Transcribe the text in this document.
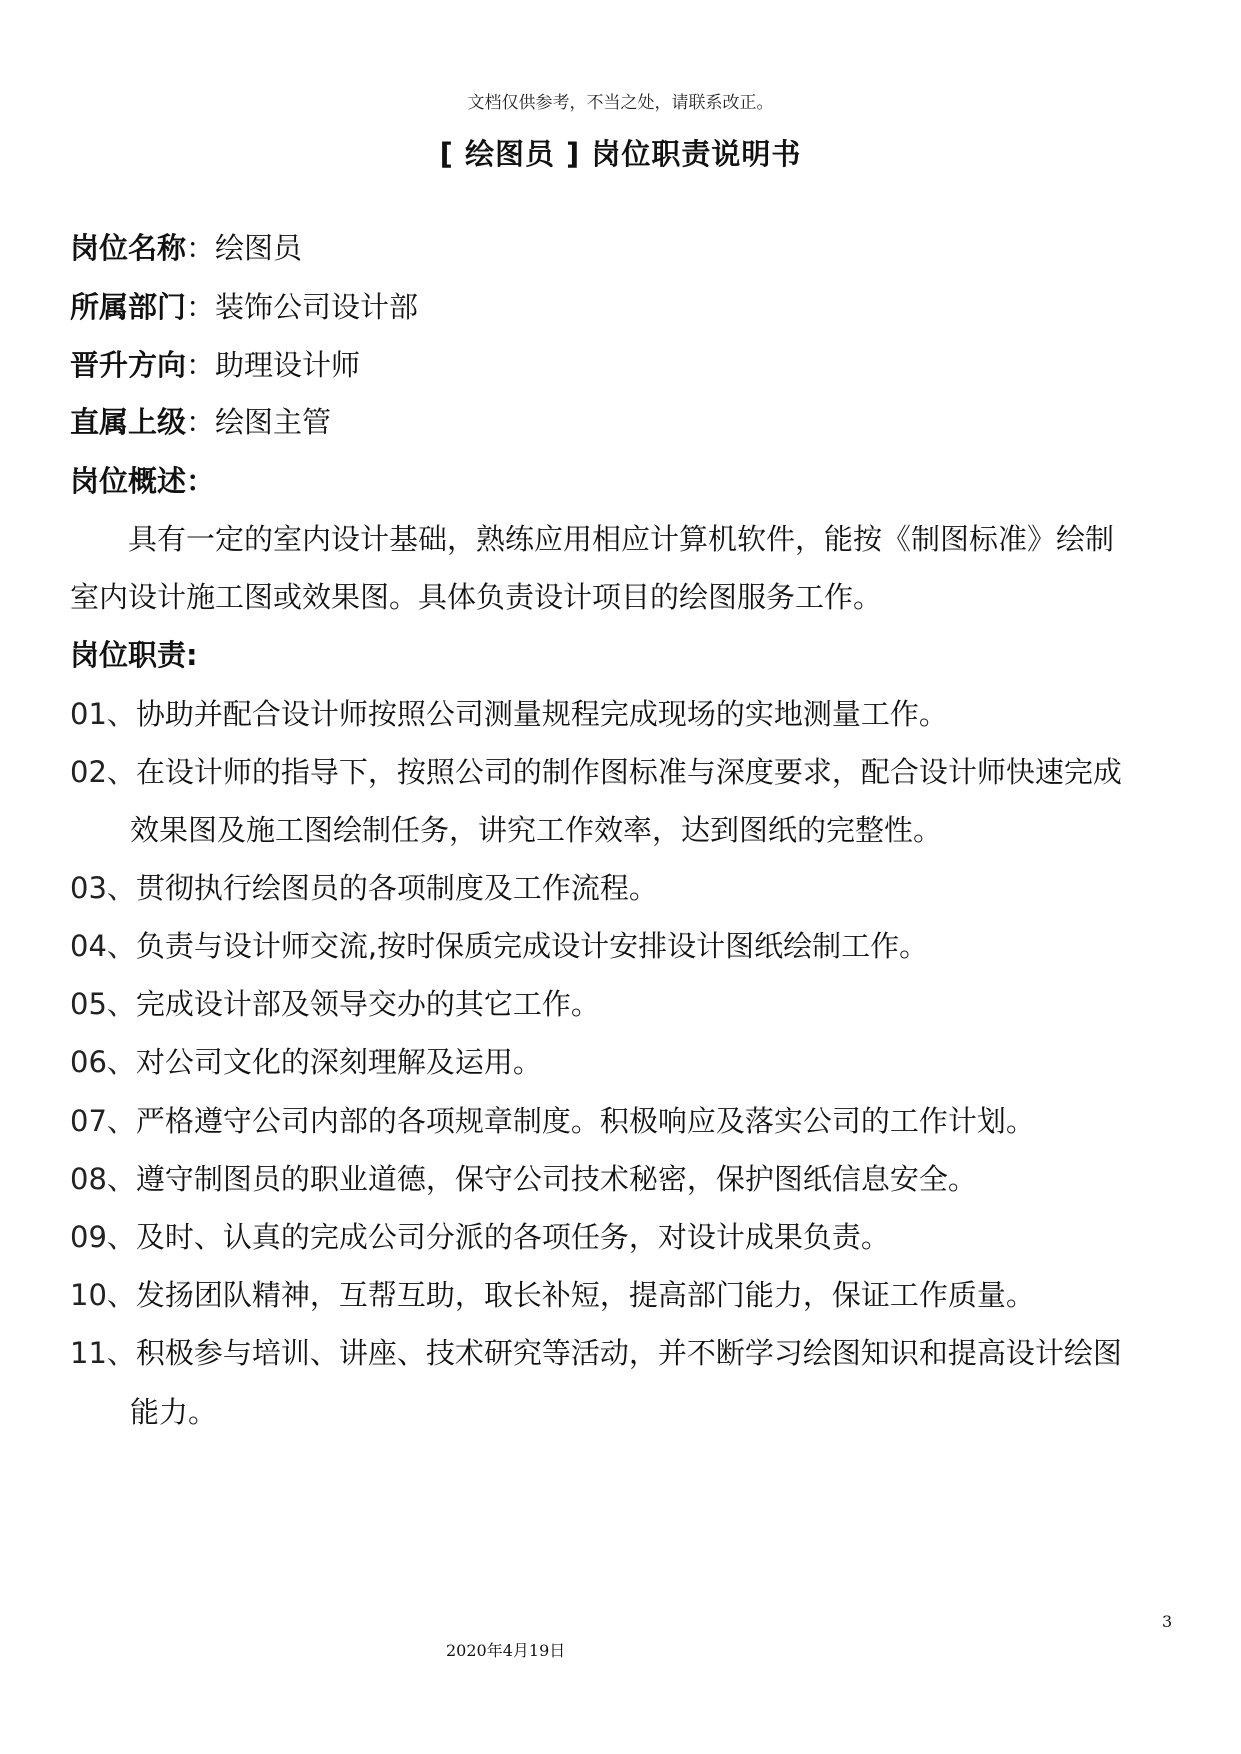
文档仅供参考，不当之处，请联系改正。
[ 绘图员 ] 岗位职责说明书
岗位名称：绘图员
所属部门：装饰公司设计部
晋升方向：助理设计师
直属上级：绘图主管
岗位概述：
具有一定的室内设计基础，熟练应用相应计算机软件，能按《制图标准》绘制
室内设计施工图或效果图。具体负责设计项目的绘图服务工作。
岗位职责:
01、协助并配合设计师按照公司测量规程完成现场的实地测量工作。
02、在设计师的指导下，按照公司的制作图标准与深度要求，配合设计师快速完成
效果图及施工图绘制任务，讲究工作效率，达到图纸的完整性。
03、贯彻执行绘图员的各项制度及工作流程。
04、负责与设计师交流,按时保质完成设计安排设计图纸绘制工作。
05、完成设计部及领导交办的其它工作。
06、对公司文化的深刻理解及运用。
07、严格遵守公司内部的各项规章制度。积极响应及落实公司的工作计划。
08、遵守制图员的职业道德，保守公司技术秘密，保护图纸信息安全。
09、及时、认真的完成公司分派的各项任务，对设计成果负责。
10、发扬团队精神，互帮互助，取长补短，提高部门能力，保证工作质量。
11、积极参与培训、讲座、技术研究等活动，并不断学习绘图知识和提高设计绘图
能力。
3
2020年4月19日
